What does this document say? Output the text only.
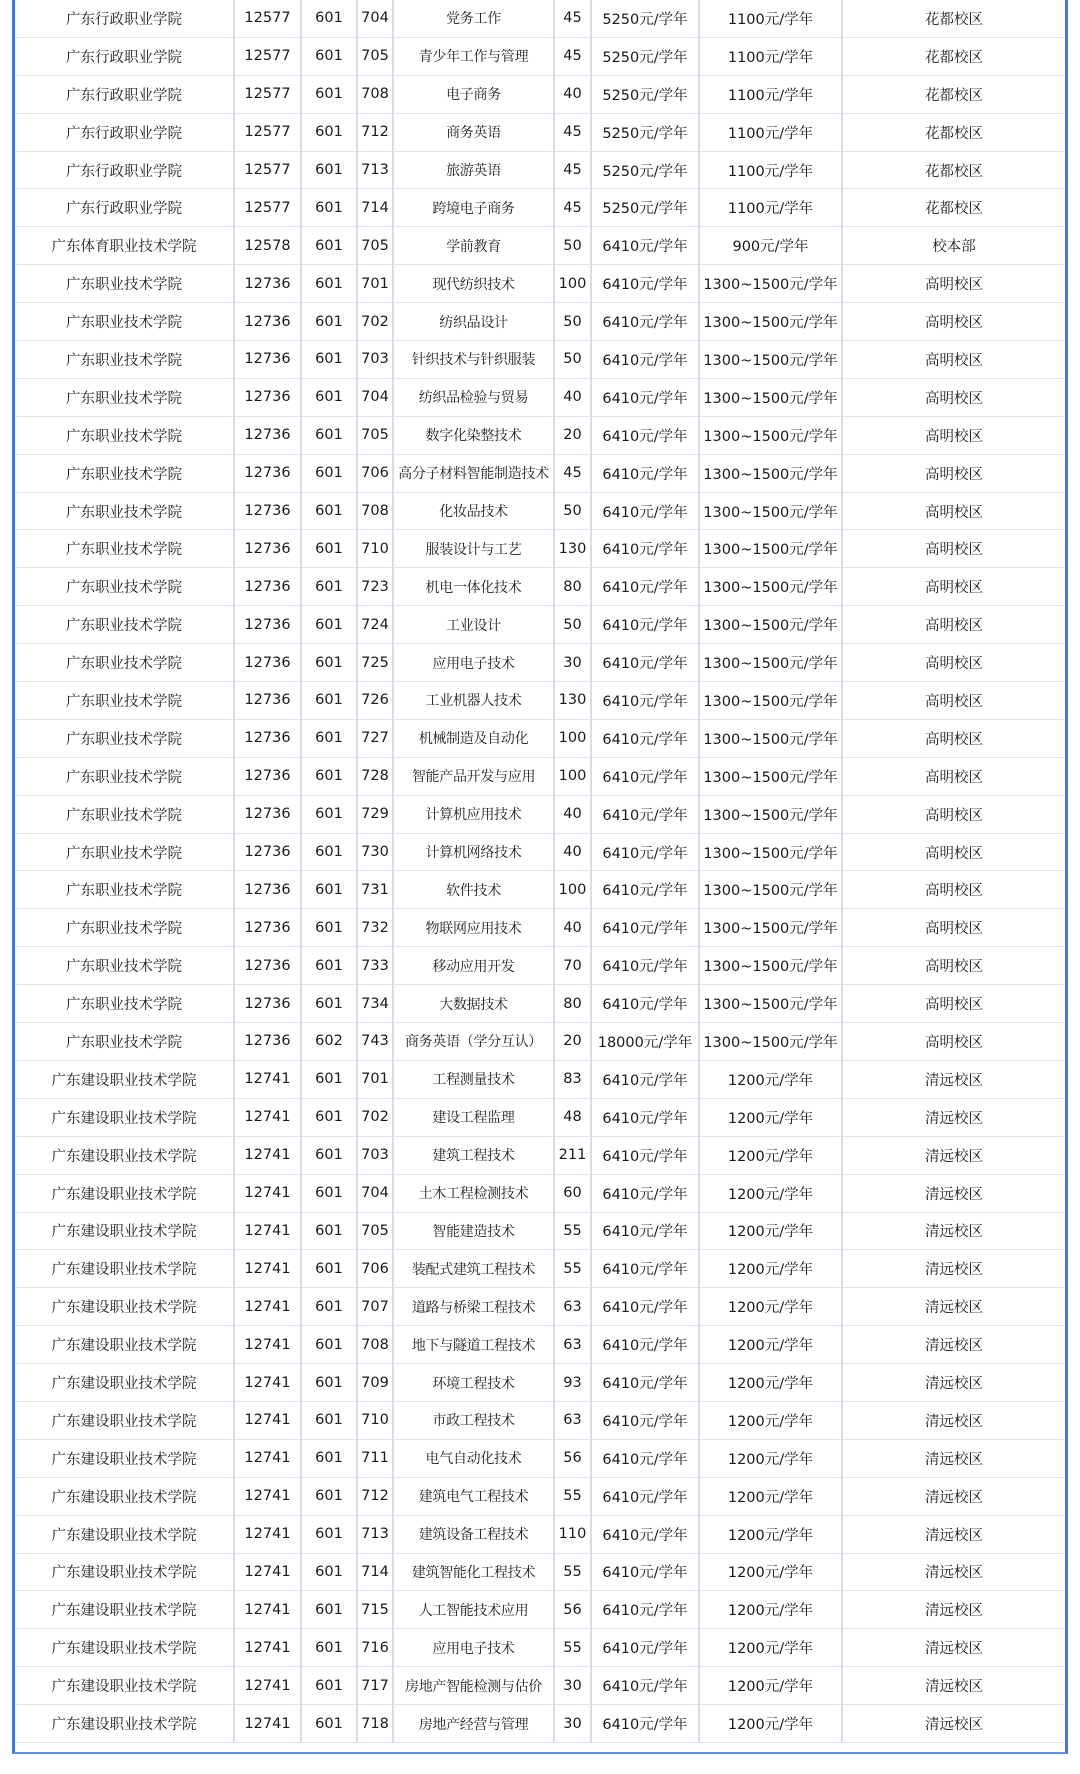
广东行政职业学院	12577	601	704	党务工作	45	5250元/学年	1100元/学年	花都校区
广东行政职业学院	12577	601	705	青少年工作与管理	45	5250元/学年	1100元/学年	花都校区
广东行政职业学院	12577	601	708	电子商务	40	5250元/学年	1100元/学年	花都校区
广东行政职业学院	12577	601	712	商务英语	45	5250元/学年	1100元/学年	花都校区
广东行政职业学院	12577	601	713	旅游英语	45	5250元/学年	1100元/学年	花都校区
广东行政职业学院	12577	601	714	跨境电子商务	45	5250元/学年	1100元/学年	花都校区
广东体育职业技术学院	12578	601	705	学前教育	50	6410元/学年	900元/学年	校本部
广东职业技术学院	12736	601	701	现代纺织技术	100	6410元/学年	1300~1500元/学年	高明校区
广东职业技术学院	12736	601	702	纺织品设计	50	6410元/学年	1300~1500元/学年	高明校区
广东职业技术学院	12736	601	703	针织技术与针织服装	50	6410元/学年	1300~1500元/学年	高明校区
广东职业技术学院	12736	601	704	纺织品检验与贸易	40	6410元/学年	1300~1500元/学年	高明校区
广东职业技术学院	12736	601	705	数字化染整技术	20	6410元/学年	1300~1500元/学年	高明校区
广东职业技术学院	12736	601	706	高分子材料智能制造技术	45	6410元/学年	1300~1500元/学年	高明校区
广东职业技术学院	12736	601	708	化妆品技术	50	6410元/学年	1300~1500元/学年	高明校区
广东职业技术学院	12736	601	710	服装设计与工艺	130	6410元/学年	1300~1500元/学年	高明校区
广东职业技术学院	12736	601	723	机电一体化技术	80	6410元/学年	1300~1500元/学年	高明校区
广东职业技术学院	12736	601	724	工业设计	50	6410元/学年	1300~1500元/学年	高明校区
广东职业技术学院	12736	601	725	应用电子技术	30	6410元/学年	1300~1500元/学年	高明校区
广东职业技术学院	12736	601	726	工业机器人技术	130	6410元/学年	1300~1500元/学年	高明校区
广东职业技术学院	12736	601	727	机械制造及自动化	100	6410元/学年	1300~1500元/学年	高明校区
广东职业技术学院	12736	601	728	智能产品开发与应用	100	6410元/学年	1300~1500元/学年	高明校区
广东职业技术学院	12736	601	729	计算机应用技术	40	6410元/学年	1300~1500元/学年	高明校区
广东职业技术学院	12736	601	730	计算机网络技术	40	6410元/学年	1300~1500元/学年	高明校区
广东职业技术学院	12736	601	731	软件技术	100	6410元/学年	1300~1500元/学年	高明校区
广东职业技术学院	12736	601	732	物联网应用技术	40	6410元/学年	1300~1500元/学年	高明校区
广东职业技术学院	12736	601	733	移动应用开发	70	6410元/学年	1300~1500元/学年	高明校区
广东职业技术学院	12736	601	734	大数据技术	80	6410元/学年	1300~1500元/学年	高明校区
广东职业技术学院	12736	602	743	商务英语（学分互认）	20	18000元/学年	1300~1500元/学年	高明校区
广东建设职业技术学院	12741	601	701	工程测量技术	83	6410元/学年	1200元/学年	清远校区
广东建设职业技术学院	12741	601	702	建设工程监理	48	6410元/学年	1200元/学年	清远校区
广东建设职业技术学院	12741	601	703	建筑工程技术	211	6410元/学年	1200元/学年	清远校区
广东建设职业技术学院	12741	601	704	土木工程检测技术	60	6410元/学年	1200元/学年	清远校区
广东建设职业技术学院	12741	601	705	智能建造技术	55	6410元/学年	1200元/学年	清远校区
广东建设职业技术学院	12741	601	706	装配式建筑工程技术	55	6410元/学年	1200元/学年	清远校区
广东建设职业技术学院	12741	601	707	道路与桥梁工程技术	63	6410元/学年	1200元/学年	清远校区
广东建设职业技术学院	12741	601	708	地下与隧道工程技术	63	6410元/学年	1200元/学年	清远校区
广东建设职业技术学院	12741	601	709	环境工程技术	93	6410元/学年	1200元/学年	清远校区
广东建设职业技术学院	12741	601	710	市政工程技术	63	6410元/学年	1200元/学年	清远校区
广东建设职业技术学院	12741	601	711	电气自动化技术	56	6410元/学年	1200元/学年	清远校区
广东建设职业技术学院	12741	601	712	建筑电气工程技术	55	6410元/学年	1200元/学年	清远校区
广东建设职业技术学院	12741	601	713	建筑设备工程技术	110	6410元/学年	1200元/学年	清远校区
广东建设职业技术学院	12741	601	714	建筑智能化工程技术	55	6410元/学年	1200元/学年	清远校区
广东建设职业技术学院	12741	601	715	人工智能技术应用	56	6410元/学年	1200元/学年	清远校区
广东建设职业技术学院	12741	601	716	应用电子技术	55	6410元/学年	1200元/学年	清远校区
广东建设职业技术学院	12741	601	717	房地产智能检测与估价	30	6410元/学年	1200元/学年	清远校区
广东建设职业技术学院	12741	601	718	房地产经营与管理	30	6410元/学年	1200元/学年	清远校区
